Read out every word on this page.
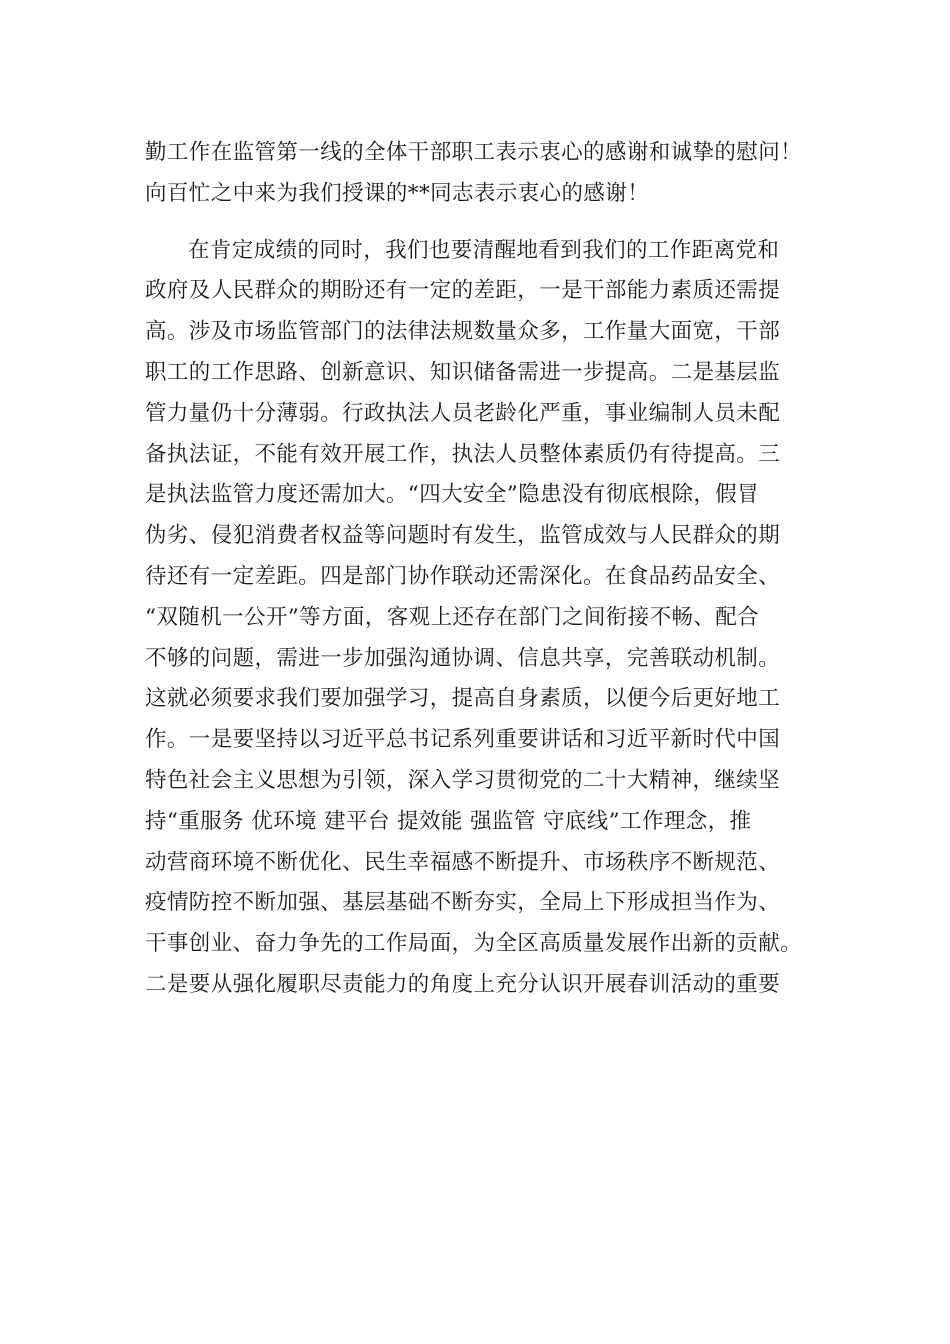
勤工作在监管第一线的全体干部职工表示衷心的感谢和诚挚的慰问！
向百忙之中来为我们授课的**同志表示衷心的感谢！
在肯定成绩的同时，我们也要清醒地看到我们的工作距离党和
政府及人民群众的期盼还有一定的差距，一是干部能力素质还需提
高。涉及市场监管部门的法律法规数量众多，工作量大面宽，干部
职工的工作思路、创新意识、知识储备需进一步提高。二是基层监
管力量仍十分薄弱。行政执法人员老龄化严重，事业编制人员未配
备执法证，不能有效开展工作，执法人员整体素质仍有待提高。三
是执法监管力度还需加大。“四大安全”隐患没有彻底根除，假冒
伪劣、侵犯消费者权益等问题时有发生，监管成效与人民群众的期
待还有一定差距。四是部门协作联动还需深化。在食品药品安全、
“双随机一公开”等方面，客观上还存在部门之间衔接不畅、配合
不够的问题，需进一步加强沟通协调、信息共享，完善联动机制。
这就必须要求我们要加强学习，提高自身素质，以便今后更好地工
作。一是要坚持以习近平总书记系列重要讲话和习近平新时代中国
特色社会主义思想为引领，深入学习贯彻党的二十大精神，继续坚
持“重服务 优环境 建平台 提效能 强监管 守底线”工作理念，推
动营商环境不断优化、民生幸福感不断提升、市场秩序不断规范、
疫情防控不断加强、基层基础不断夯实，全局上下形成担当作为、
干事创业、奋力争先的工作局面，为全区高质量发展作出新的贡献。
二是要从强化履职尽责能力的角度上充分认识开展春训活动的重要
